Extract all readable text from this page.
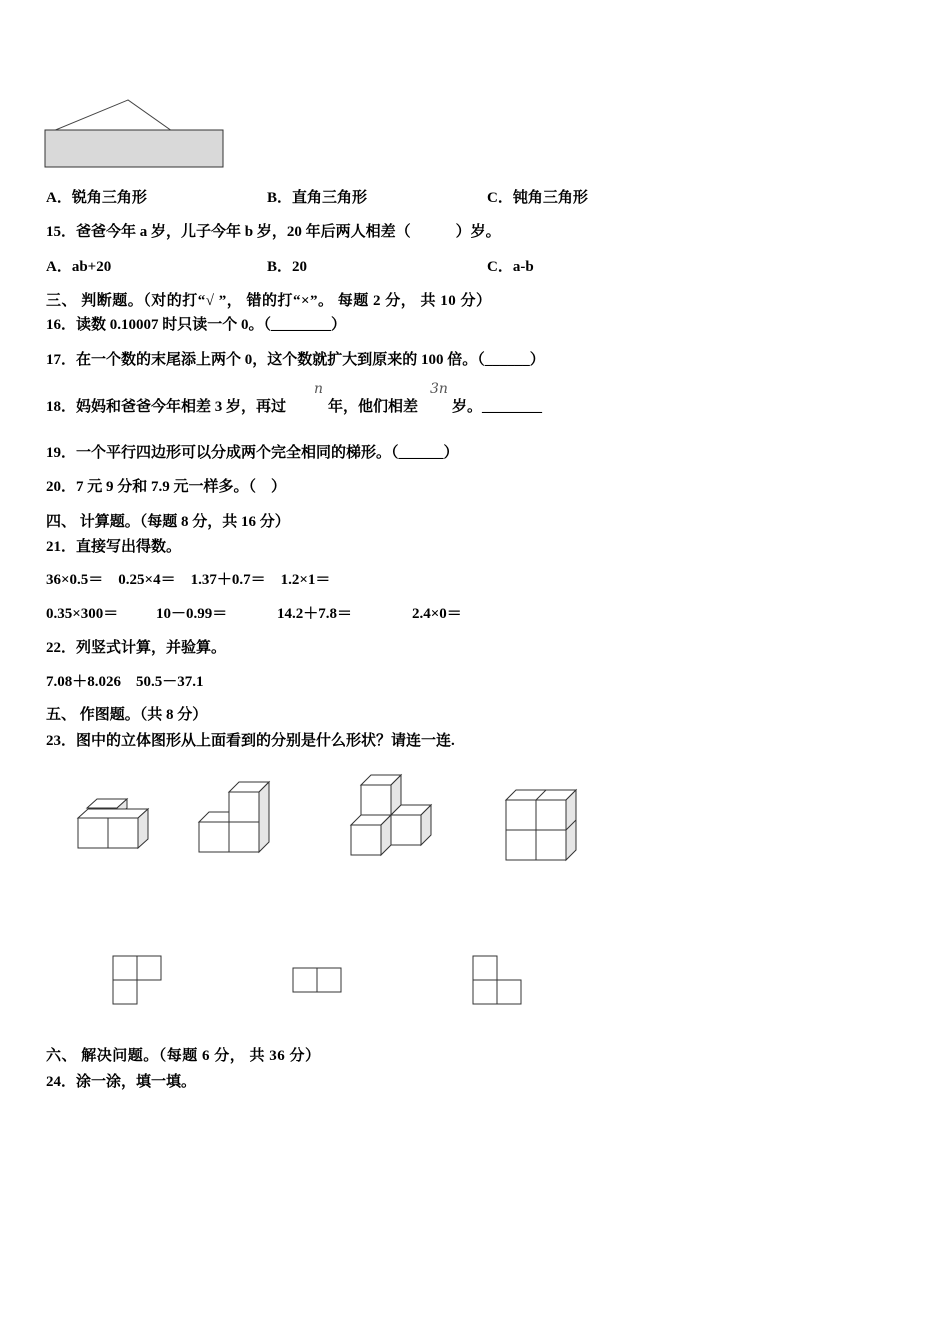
A．锐角三角形	B．直角三角形	C．钝角三角形
15．爸爸今年 a 岁，儿子今年 b 岁，20 年后两人相差（　　　）岁。
A．ab+20	B．20	C．a-b
三、 判断题。（对的打“√ ”， 错的打“×”。 每题 2 分， 共 10 分）
16．读数 0.10007 时只读一个 0。（________）
17．在一个数的末尾添上两个 0，这个数就扩大到原来的 100 倍。（______）
18．妈妈和爸爸今年相差 3 岁，再过
n
年，他们相差
3n
岁。________
19．一个平行四边形可以分成两个完全相同的梯形。（______）
20．7 元 9 分和 7.9 元一样多。（　）
四、 计算题。（每题 8 分，共 16 分）
21．直接写出得数。
36×0.5＝　0.25×4＝　1.37＋0.7＝　1.2×1＝
0.35×300＝	10－0.99＝	14.2＋7.8＝	2.4×0＝
22．列竖式计算，并验算。
7.08＋8.026　50.5－37.1
五、 作图题。（共 8 分）
23．图中的立体图形从上面看到的分别是什么形状？请连一连.
六、 解决问题。（每题 6 分， 共 36 分）
24．涂一涂，填一填。
